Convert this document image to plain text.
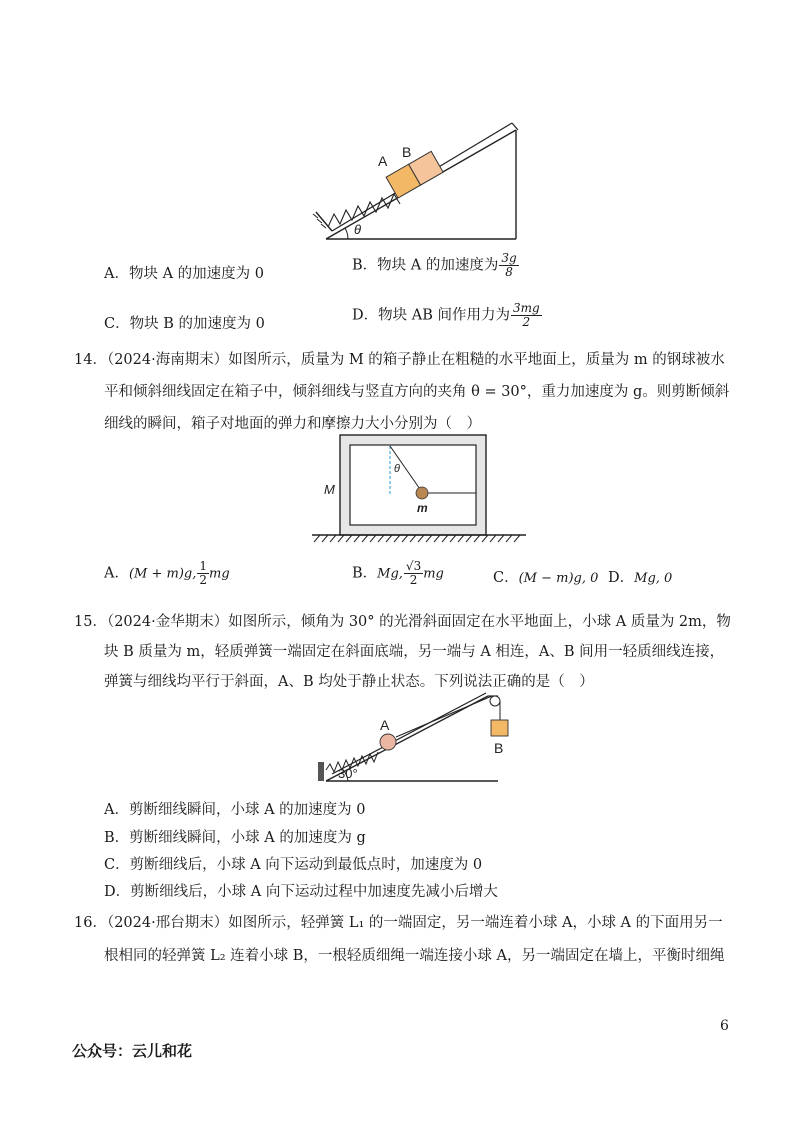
A
B
θ
A．物块 A 的加速度为 0
B．物块 A 的加速度为 $\frac{3g}{8}$
C．物块 B 的加速度为 0
D．物块 AB 间作用力为 $\frac{3mg}{2}$
14．（2024·海南期末）如图所示，质量为 M 的箱子静止在粗糙的水平地面上，质量为 m 的钢球被水
平和倾斜细线固定在箱子中，倾斜细线与竖直方向的夹角 θ = 30°，重力加速度为 g。则剪断倾斜
细线的瞬间，箱子对地面的弹力和摩擦力大小分别为（　）
θ
m
M
A．(M + m)g, $\frac{1}{2}$ mg	B．Mg, $\frac{√3}{2}$ mg	C．(M − m)g, 0 D．Mg, 0
15．（2024·金华期末）如图所示，倾角为 30° 的光滑斜面固定在水平地面上，小球 A 质量为 2m，物
块 B 质量为 m，轻质弹簧一端固定在斜面底端，另一端与 A 相连，A、B 间用一轻质细线连接，
弹簧与细线均平行于斜面，A、B 均处于静止状态。下列说法正确的是（　）
A
B
30°
A．剪断细线瞬间，小球 A 的加速度为 0
B．剪断细线瞬间，小球 A 的加速度为 g
C．剪断细线后，小球 A 向下运动到最低点时，加速度为 0
D．剪断细线后，小球 A 向下运动过程中加速度先减小后增大
16．（2024·邢台期末）如图所示，轻弹簧 L₁ 的一端固定，另一端连着小球 A，小球 A 的下面用另一
根相同的轻弹簧 L₂ 连着小球 B，一根轻质细绳一端连接小球 A，另一端固定在墙上，平衡时细绳
6
公众号：云儿和花
